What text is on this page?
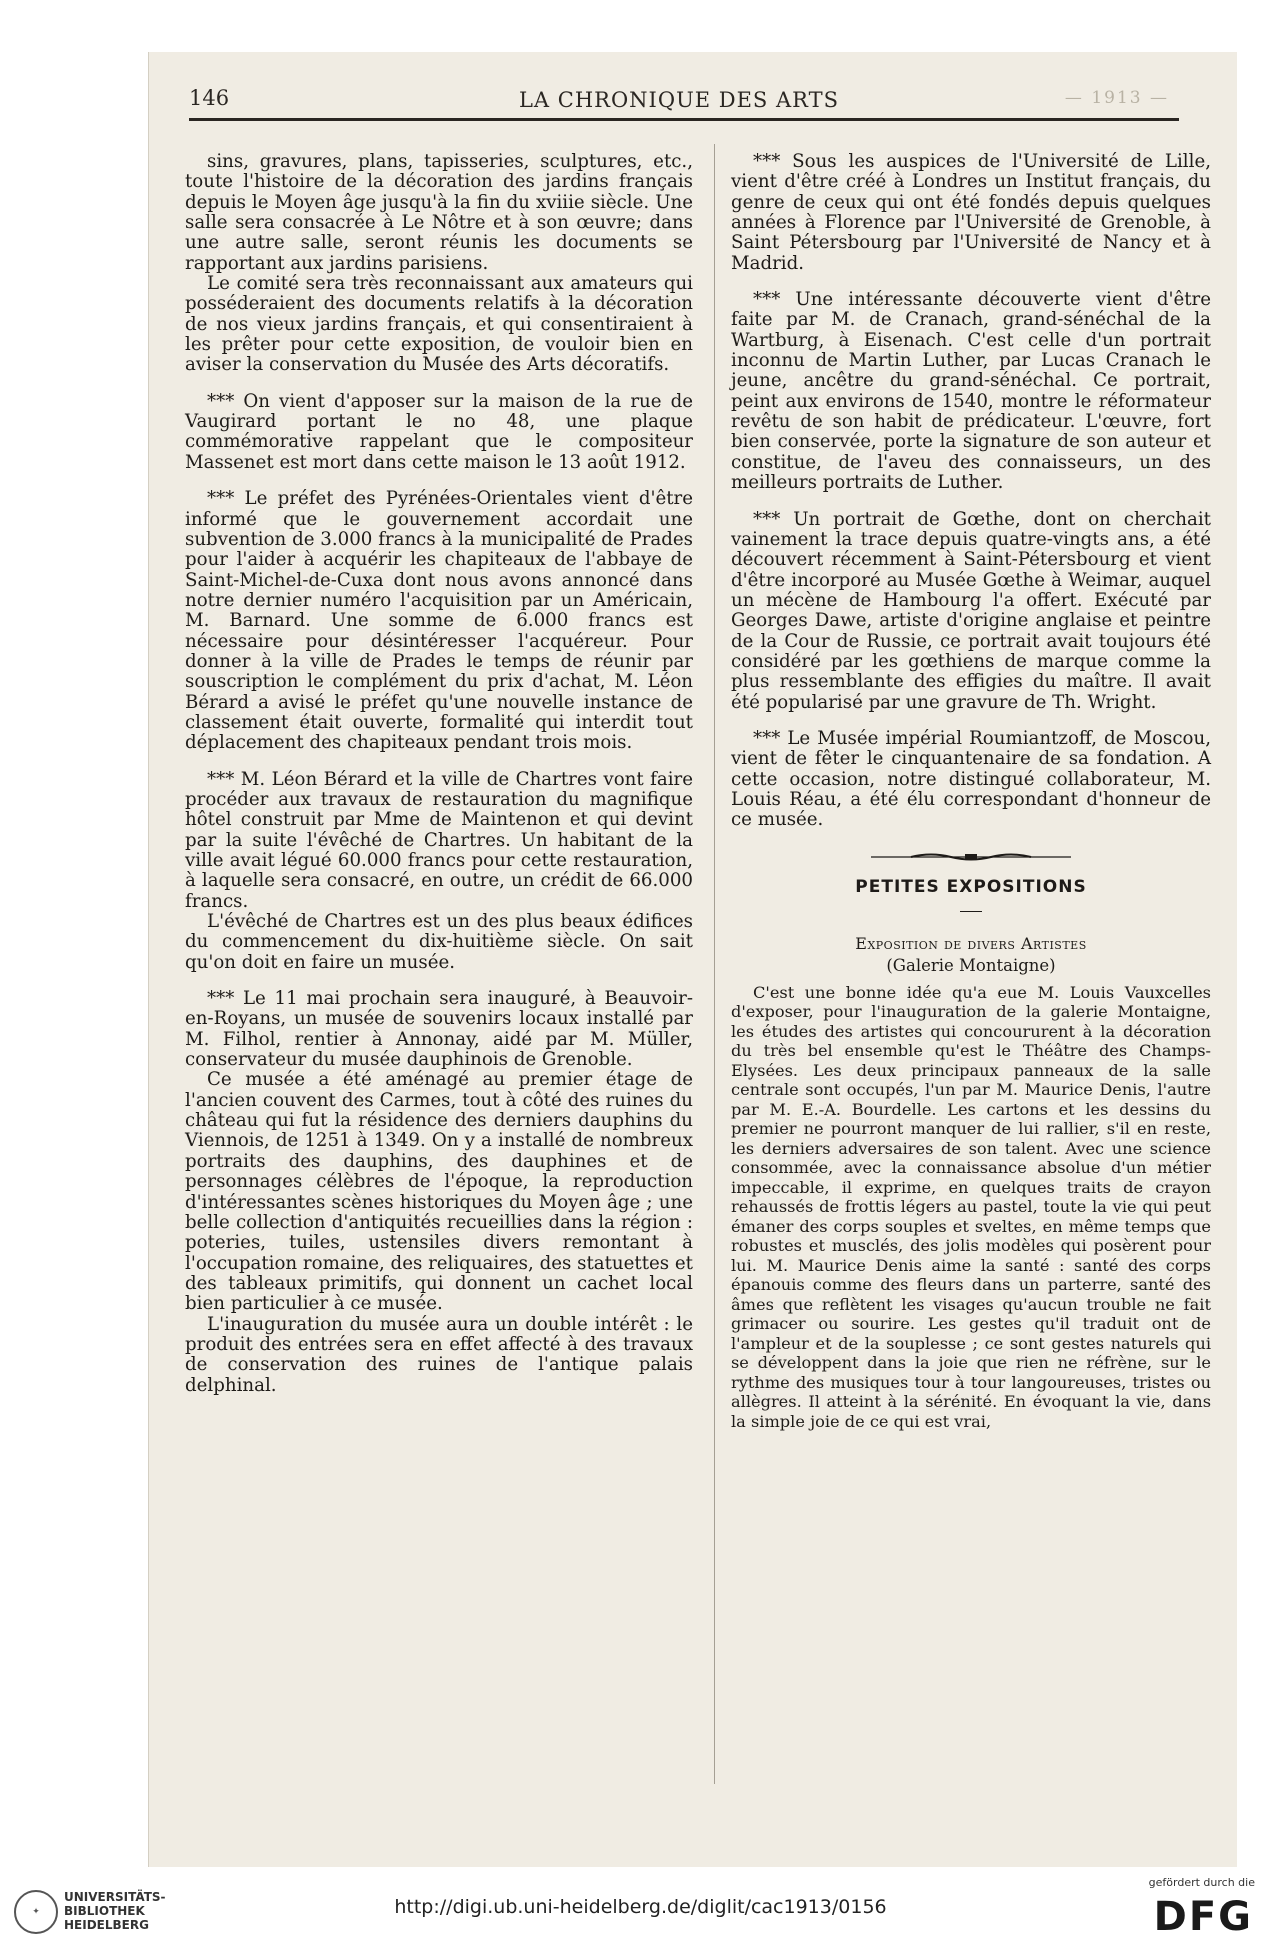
146	LA CHRONIQUE DES ARTS	— 1913 —

sins, gravures, plans, tapisseries, sculptures, etc., toute l'histoire de la décoration des jardins français depuis le Moyen âge jusqu'à la fin du xviiie siècle. Une salle sera consacrée à Le Nôtre et à son œuvre; dans une autre salle, seront réunis les documents se rapportant aux jardins parisiens.

Le comité sera très reconnaissant aux amateurs qui posséderaient des documents relatifs à la décoration de nos vieux jardins français, et qui consentiraient à les prêter pour cette exposition, de vouloir bien en aviser la conservation du Musée des Arts décoratifs.

*** On vient d'apposer sur la maison de la rue de Vaugirard portant le no 48, une plaque commémorative rappelant que le compositeur Massenet est mort dans cette maison le 13 août 1912.

*** Le préfet des Pyrénées-Orientales vient d'être informé que le gouvernement accordait une subvention de 3.000 francs à la municipalité de Prades pour l'aider à acquérir les chapiteaux de l'abbaye de Saint-Michel-de-Cuxa dont nous avons annoncé dans notre dernier numéro l'acquisition par un Américain, M. Barnard. Une somme de 6.000 francs est nécessaire pour désintéresser l'acquéreur. Pour donner à la ville de Prades le temps de réunir par souscription le complément du prix d'achat, M. Léon Bérard a avisé le préfet qu'une nouvelle instance de classement était ouverte, formalité qui interdit tout déplacement des chapiteaux pendant trois mois.

*** M. Léon Bérard et la ville de Chartres vont faire procéder aux travaux de restauration du magnifique hôtel construit par Mme de Maintenon et qui devint par la suite l'évêché de Chartres. Un habitant de la ville avait légué 60.000 francs pour cette restauration, à laquelle sera consacré, en outre, un crédit de 66.000 francs.

L'évêché de Chartres est un des plus beaux édifices du commencement du dix-huitième siècle. On sait qu'on doit en faire un musée.

*** Le 11 mai prochain sera inauguré, à Beauvoir-en-Royans, un musée de souvenirs locaux installé par M. Filhol, rentier à Annonay, aidé par M. Müller, conservateur du musée dauphinois de Grenoble.

Ce musée a été aménagé au premier étage de l'ancien couvent des Carmes, tout à côté des ruines du château qui fut la résidence des derniers dauphins du Viennois, de 1251 à 1349. On y a installé de nombreux portraits des dauphins, des dauphines et de personnages célèbres de l'époque, la reproduction d'intéressantes scènes historiques du Moyen âge ; une belle collection d'antiquités recueillies dans la région : poteries, tuiles, ustensiles divers remontant à l'occupation romaine, des reliquaires, des statuettes et des tableaux primitifs, qui donnent un cachet local bien particulier à ce musée.

L'inauguration du musée aura un double intérêt : le produit des entrées sera en effet affecté à des travaux de conservation des ruines de l'antique palais delphinal.

*** Sous les auspices de l'Université de Lille, vient d'être créé à Londres un Institut français, du genre de ceux qui ont été fondés depuis quelques années à Florence par l'Université de Grenoble, à Saint Pétersbourg par l'Université de Nancy et à Madrid.

*** Une intéressante découverte vient d'être faite par M. de Cranach, grand-sénéchal de la Wartburg, à Eisenach. C'est celle d'un portrait inconnu de Martin Luther, par Lucas Cranach le jeune, ancêtre du grand-sénéchal. Ce portrait, peint aux environs de 1540, montre le réformateur revêtu de son habit de prédicateur. L'œuvre, fort bien conservée, porte la signature de son auteur et constitue, de l'aveu des connaisseurs, un des meilleurs portraits de Luther.

*** Un portrait de Gœthe, dont on cherchait vainement la trace depuis quatre-vingts ans, a été découvert récemment à Saint-Pétersbourg et vient d'être incorporé au Musée Gœthe à Weimar, auquel un mécène de Hambourg l'a offert. Exécuté par Georges Dawe, artiste d'origine anglaise et peintre de la Cour de Russie, ce portrait avait toujours été considéré par les gœthiens de marque comme la plus ressemblante des effigies du maître. Il avait été popularisé par une gravure de Th. Wright.

*** Le Musée impérial Roumiantzoff, de Moscou, vient de fêter le cinquantenaire de sa fondation. A cette occasion, notre distingué collaborateur, M. Louis Réau, a été élu correspondant d'honneur de ce musée.

PETITES EXPOSITIONS
Exposition de divers Artistes
(Galerie Montaigne)

C'est une bonne idée qu'a eue M. Louis Vauxcelles d'exposer, pour l'inauguration de la galerie Montaigne, les études des artistes qui concoururent à la décoration du très bel ensemble qu'est le Théâtre des Champs-Elysées. Les deux principaux panneaux de la salle centrale sont occupés, l'un par M. Maurice Denis, l'autre par M. E.-A. Bourdelle. Les cartons et les dessins du premier ne pourront manquer de lui rallier, s'il en reste, les derniers adversaires de son talent. Avec une science consommée, avec la connaissance absolue d'un métier impeccable, il exprime, en quelques traits de crayon rehaussés de frottis légers au pastel, toute la vie qui peut émaner des corps souples et sveltes, en même temps que robustes et musclés, des jolis modèles qui posèrent pour lui. M. Maurice Denis aime la santé : santé des corps épanouis comme des fleurs dans un parterre, santé des âmes que reflètent les visages qu'aucun trouble ne fait grimacer ou sourire. Les gestes qu'il traduit ont de l'ampleur et de la souplesse ; ce sont gestes naturels qui se développent dans la joie que rien ne réfrène, sur le rythme des musiques tour à tour langoureuses, tristes ou allègres. Il atteint à la sérénité. En évoquant la vie, dans la simple joie de ce qui est vrai,

✦
UNIVERSITÄTS-
BIBLIOTHEK
HEIDELBERG
http://digi.ub.uni-heidelberg.de/diglit/cac1913/0156
gefördert durch die
DFG
